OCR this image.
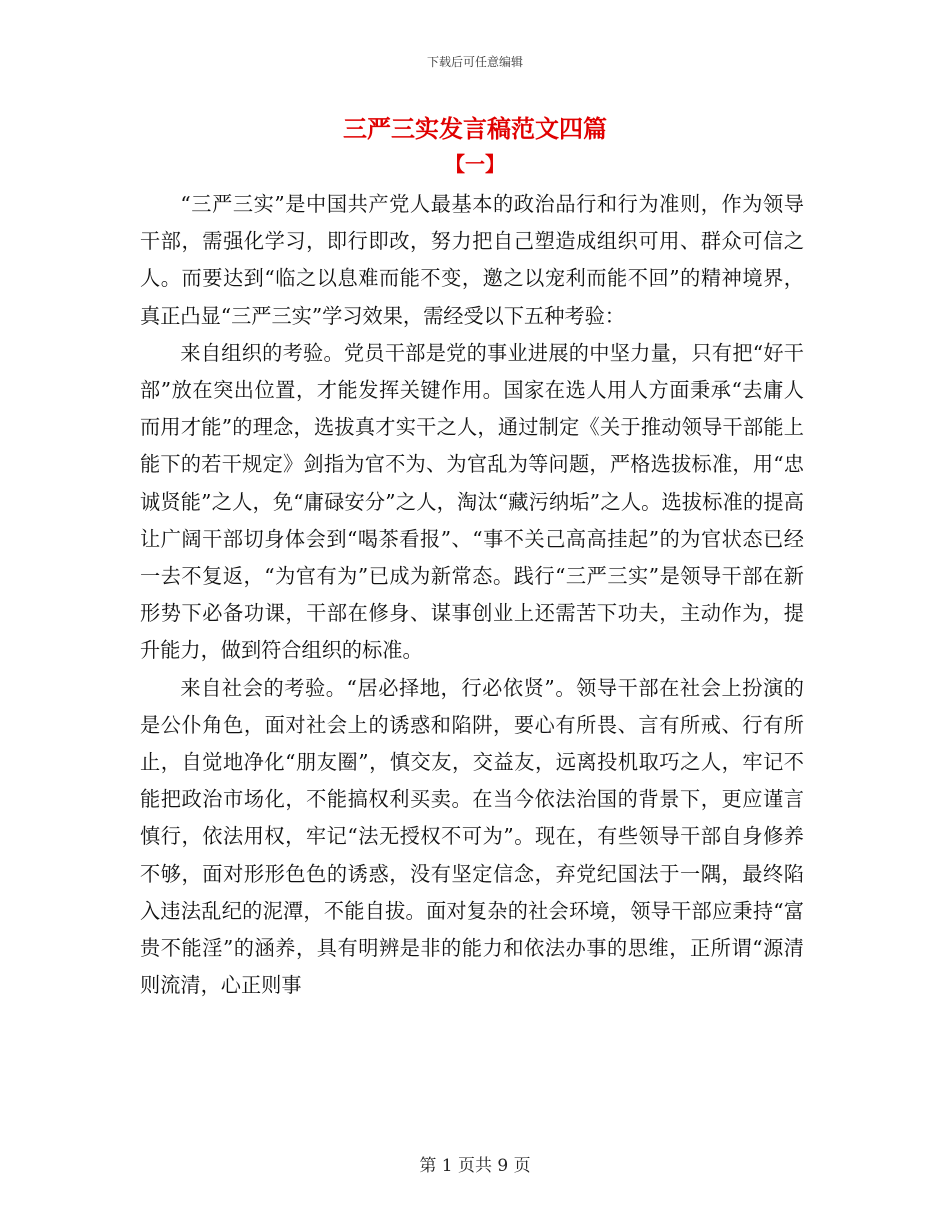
下载后可任意编辑
三严三实发言稿范文四篇
【一】

“三严三实”是中国共产党人最基本的政治品行和行为准则，作为领导干部，需强化学习，即行即改，努力把自己塑造成组织可用、群众可信之人。而要达到“临之以息难而能不变，邀之以宠利而能不回”的精神境界，真正凸显“三严三实”学习效果，需经受以下五种考验：

来自组织的考验。党员干部是党的事业进展的中坚力量，只有把“好干部”放在突出位置，才能发挥关键作用。国家在选人用人方面秉承“去庸人而用才能”的理念，选拔真才实干之人，通过制定《关于推动领导干部能上能下的若干规定》剑指为官不为、为官乱为等问题，严格选拔标准，用“忠诚贤能”之人，免“庸碌安分”之人，淘汰“藏污纳垢”之人。选拔标准的提高让广阔干部切身体会到“喝茶看报”、“事不关己高高挂起”的为官状态已经一去不复返，“为官有为”已成为新常态。践行“三严三实”是领导干部在新形势下必备功课，干部在修身、谋事创业上还需苦下功夫，主动作为，提升能力，做到符合组织的标准。

来自社会的考验。“居必择地，行必依贤”。领导干部在社会上扮演的是公仆角色，面对社会上的诱惑和陷阱，要心有所畏、言有所戒、行有所止，自觉地净化“朋友圈”，慎交友，交益友，远离投机取巧之人，牢记不能把政治市场化，不能搞权利买卖。在当今依法治国的背景下，更应谨言慎行，依法用权，牢记“法无授权不可为”。现在，有些领导干部自身修养不够，面对形形色色的诱惑，没有坚定信念，弃党纪国法于一隅，最终陷入违法乱纪的泥潭，不能自拔。面对复杂的社会环境，领导干部应秉持“富贵不能淫”的涵养，具有明辨是非的能力和依法办事的思维，正所谓“源清则流清，心正则事

第 1 页共 9 页
